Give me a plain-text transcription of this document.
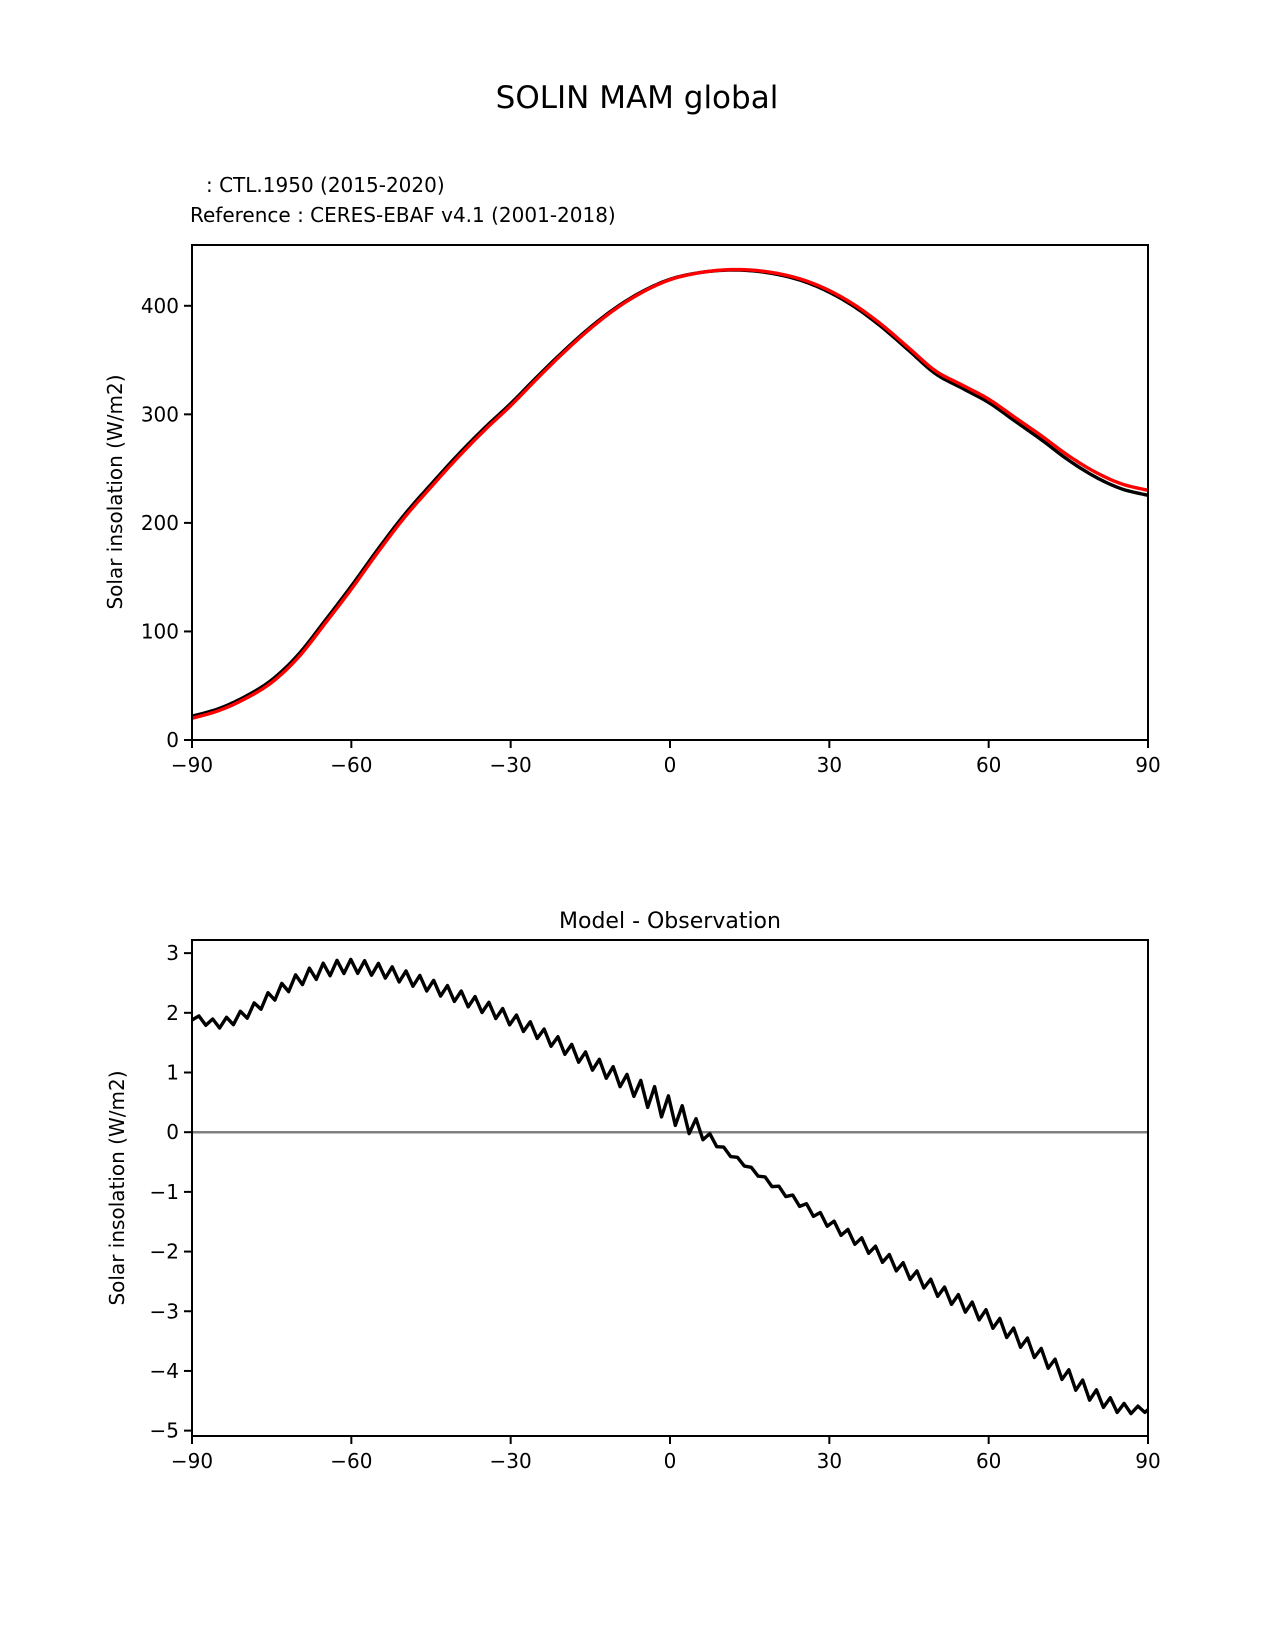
SOLIN MAM global
: CTL.1950 (2015-2020)
Reference : CERES-EBAF v4.1 (2001-2018)
Solar insolation (W/m2)
Model - Observation
Solar insolation (W/m2)
−90	−60	−30	0	30	60	90
0
100
200
300
400
−90	−60	−30	0	30	60	90
3
2
1
0
−1
−2
−3
−4
−5
